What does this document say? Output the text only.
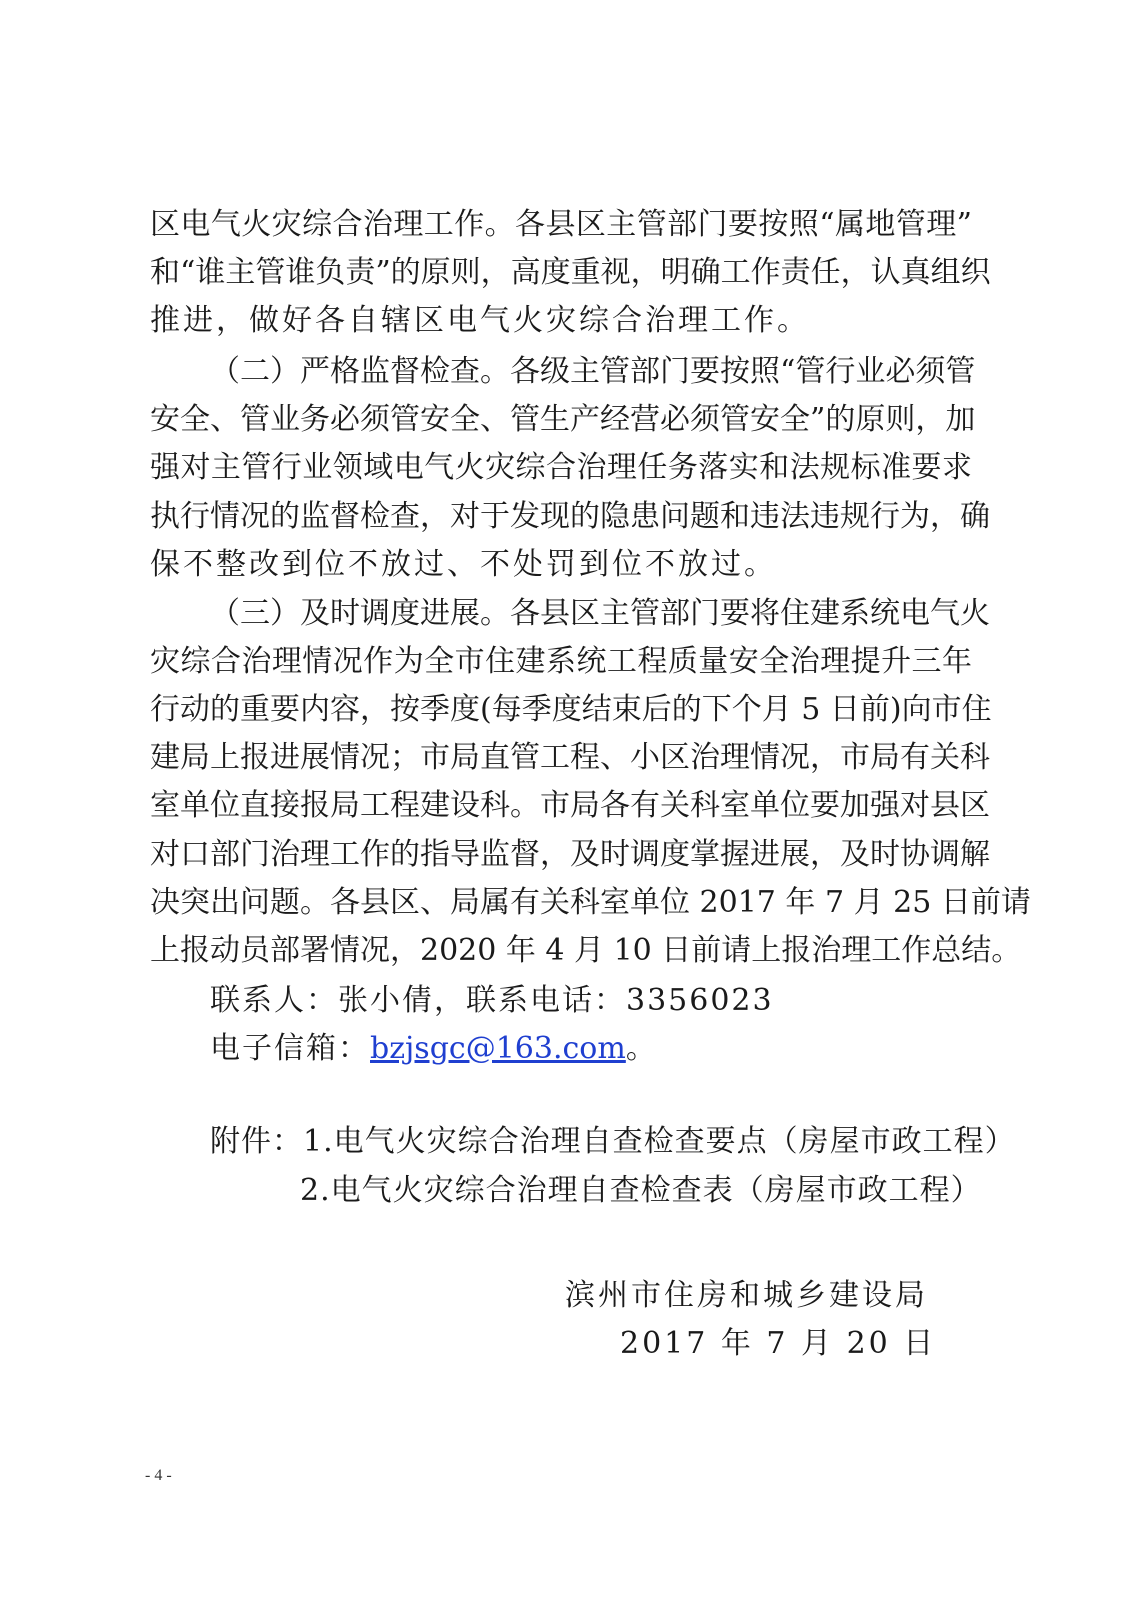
区电气火灾综合治理工作。各县区主管部门要按照“属地管理”
和“谁主管谁负责”的原则，高度重视，明确工作责任，认真组织
推进，做好各自辖区电气火灾综合治理工作。
（二）严格监督检查。各级主管部门要按照“管行业必须管
安全、管业务必须管安全、管生产经营必须管安全”的原则，加
强对主管行业领域电气火灾综合治理任务落实和法规标准要求
执行情况的监督检查，对于发现的隐患问题和违法违规行为，确
保不整改到位不放过、不处罚到位不放过。
（三）及时调度进展。各县区主管部门要将住建系统电气火
灾综合治理情况作为全市住建系统工程质量安全治理提升三年
行动的重要内容，按季度(每季度结束后的下个月 5 日前)向市住
建局上报进展情况；市局直管工程、小区治理情况，市局有关科
室单位直接报局工程建设科。市局各有关科室单位要加强对县区
对口部门治理工作的指导监督，及时调度掌握进展，及时协调解
决突出问题。各县区、局属有关科室单位 2017 年 7 月 25 日前请
上报动员部署情况，2020 年 4 月 10 日前请上报治理工作总结。
联系人：张小倩，联系电话：3356023
电子信箱：bzjsgc@163.com。
附件：1.电气火灾综合治理自查检查要点（房屋市政工程）
2.电气火灾综合治理自查检查表（房屋市政工程）
滨州市住房和城乡建设局
2017 年 7 月 20 日
- 4 -
